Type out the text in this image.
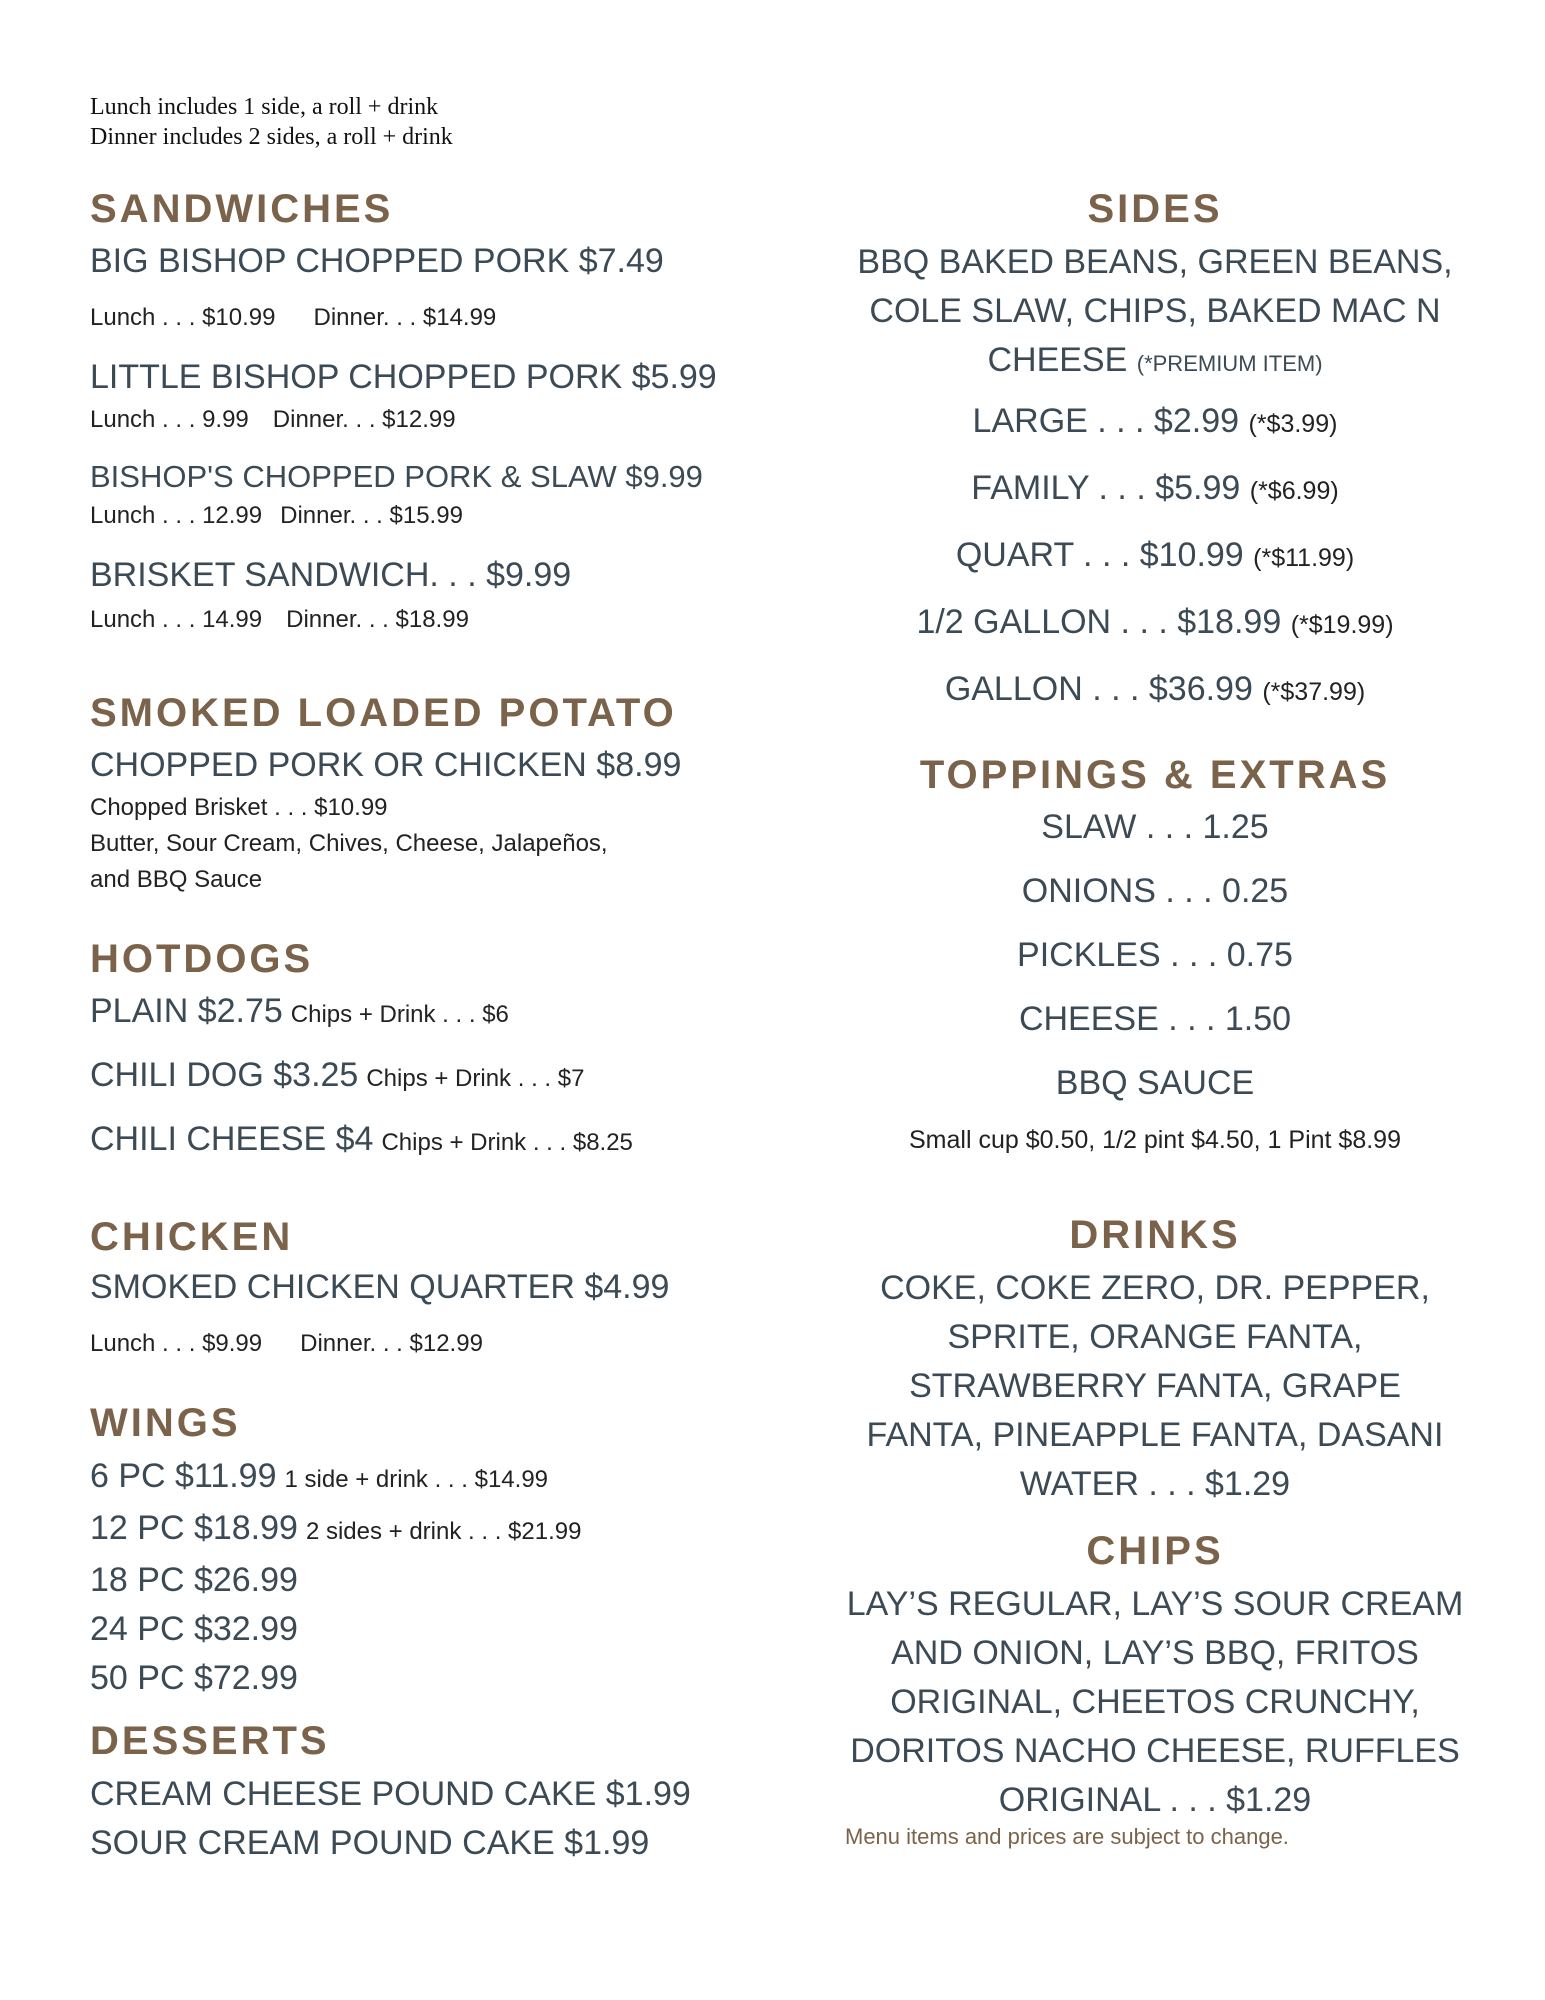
Lunch includes 1 side, a roll + drink
Dinner includes 2 sides, a roll + drink
SANDWICHES
BIG BISHOP CHOPPED PORK $7.49
Lunch . . . $10.99 Dinner. . . $14.99
LITTLE BISHOP CHOPPED PORK $5.99
Lunch . . . 9.99 Dinner. . . $12.99
BISHOP'S CHOPPED PORK & SLAW $9.99
Lunch . . . 12.99 Dinner. . . $15.99
BRISKET SANDWICH. . . $9.99
Lunch . . . 14.99 Dinner. . . $18.99
SMOKED LOADED POTATO
CHOPPED PORK OR CHICKEN $8.99
Chopped Brisket . . . $10.99
Butter, Sour Cream, Chives, Cheese, Jalapeños,
and BBQ Sauce
HOTDOGS
PLAIN $2.75 Chips + Drink . . . $6
CHILI DOG $3.25 Chips + Drink . . . $7
CHILI CHEESE $4 Chips + Drink . . . $8.25
CHICKEN
SMOKED CHICKEN QUARTER $4.99
Lunch . . . $9.99 Dinner. . . $12.99
WINGS
6 PC $11.99 1 side + drink . . . $14.99
12 PC $18.99 2 sides + drink . . . $21.99
18 PC $26.99
24 PC $32.99
50 PC $72.99
DESSERTS
CREAM CHEESE POUND CAKE $1.99
SOUR CREAM POUND CAKE $1.99
SIDES
BBQ BAKED BEANS, GREEN BEANS,
COLE SLAW, CHIPS, BAKED MAC N
CHEESE (*PREMIUM ITEM)
LARGE . . . $2.99 (*$3.99)
FAMILY . . . $5.99 (*$6.99)
QUART . . . $10.99 (*$11.99)
1/2 GALLON . . . $18.99 (*$19.99)
GALLON . . . $36.99 (*$37.99)
TOPPINGS & EXTRAS
SLAW . . . 1.25
ONIONS . . . 0.25
PICKLES . . . 0.75
CHEESE . . . 1.50
BBQ SAUCE
Small cup $0.50, 1/2 pint $4.50, 1 Pint $8.99
DRINKS
COKE, COKE ZERO, DR. PEPPER,
SPRITE, ORANGE FANTA,
STRAWBERRY FANTA, GRAPE
FANTA, PINEAPPLE FANTA, DASANI
WATER . . . $1.29
CHIPS
LAY’S REGULAR, LAY’S SOUR CREAM
AND ONION, LAY’S BBQ, FRITOS
ORIGINAL, CHEETOS CRUNCHY,
DORITOS NACHO CHEESE, RUFFLES
ORIGINAL . . . $1.29
Menu items and prices are subject to change.
